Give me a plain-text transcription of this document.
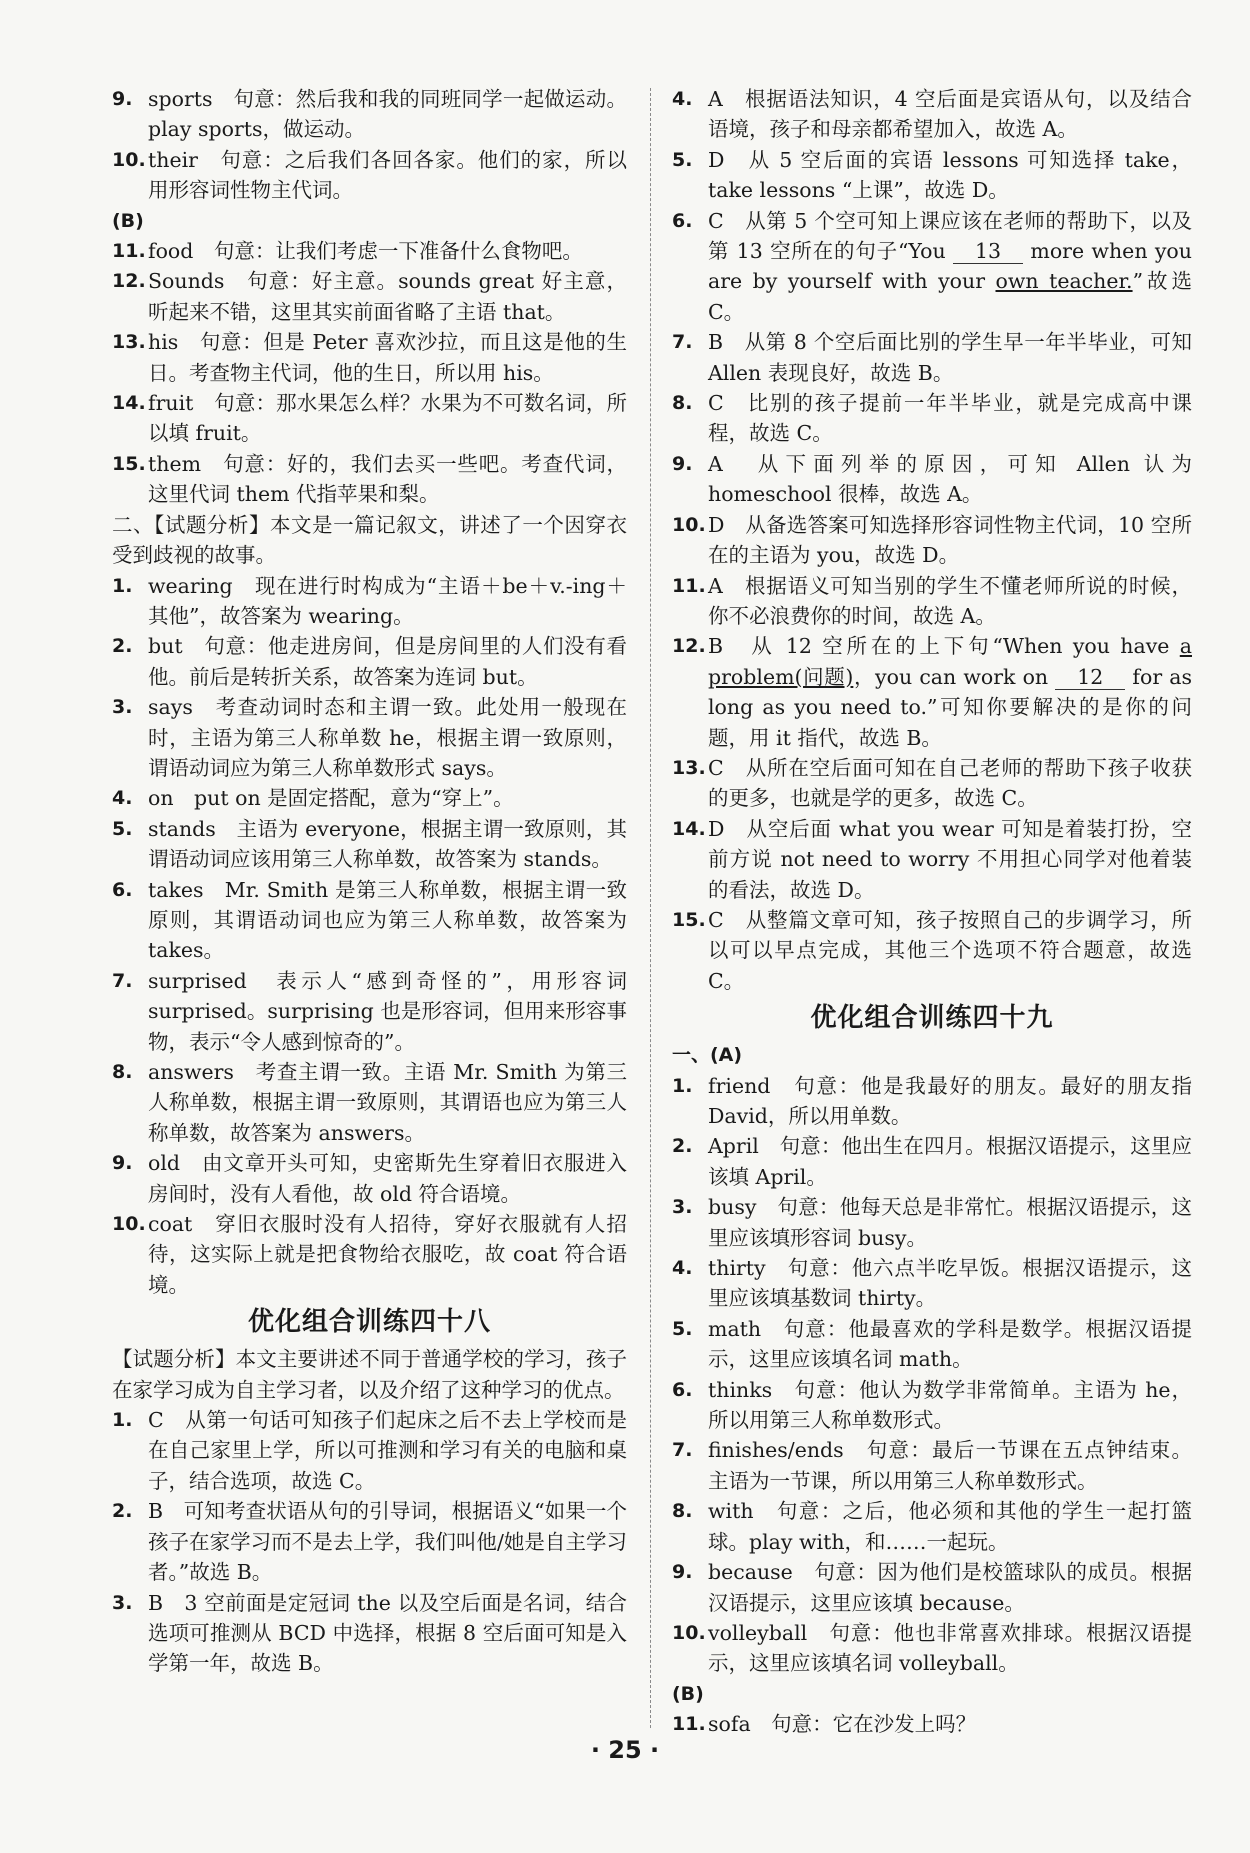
9. sports　句意：然后我和我的同班同学一起做运动。play sports，做运动。
10. their　句意：之后我们各回各家。他们的家，所以用形容词性物主代词。
(B)
11. food　句意：让我们考虑一下准备什么食物吧。
12. Sounds　句意：好主意。sounds great 好主意，听起来不错，这里其实前面省略了主语 that。
13. his　句意：但是 Peter 喜欢沙拉，而且这是他的生日。考查物主代词，他的生日，所以用 his。
14. fruit　句意：那水果怎么样？水果为不可数名词，所以填 fruit。
15. them　句意：好的，我们去买一些吧。考查代词，这里代词 them 代指苹果和梨。
二、【试题分析】本文是一篇记叙文，讲述了一个因穿衣受到歧视的故事。
1. wearing　现在进行时构成为“主语＋be＋v.-ing＋其他”，故答案为 wearing。
2. but　句意：他走进房间，但是房间里的人们没有看他。前后是转折关系，故答案为连词 but。
3. says　考查动词时态和主谓一致。此处用一般现在时，主语为第三人称单数 he，根据主谓一致原则，谓语动词应为第三人称单数形式 says。
4. on　put on 是固定搭配，意为“穿上”。
5. stands　主语为 everyone，根据主谓一致原则，其谓语动词应该用第三人称单数，故答案为 stands。
6. takes　Mr. Smith 是第三人称单数，根据主谓一致原则，其谓语动词也应为第三人称单数，故答案为 takes。
7. surprised　表示人“感到奇怪的”，用形容词 surprised。surprising 也是形容词，但用来形容事物，表示“令人感到惊奇的”。
8. answers　考查主谓一致。主语 Mr. Smith 为第三人称单数，根据主谓一致原则，其谓语也应为第三人称单数，故答案为 answers。
9. old　由文章开头可知，史密斯先生穿着旧衣服进入房间时，没有人看他，故 old 符合语境。
10. coat　穿旧衣服时没有人招待，穿好衣服就有人招待，这实际上就是把食物给衣服吃，故 coat 符合语境。
优化组合训练四十八
【试题分析】本文主要讲述不同于普通学校的学习，孩子在家学习成为自主学习者，以及介绍了这种学习的优点。
1. C　从第一句话可知孩子们起床之后不去上学校而是在自己家里上学，所以可推测和学习有关的电脑和桌子，结合选项，故选 C。
2. B　可知考查状语从句的引导词，根据语义“如果一个孩子在家学习而不是去上学，我们叫他/她是自主学习者。”故选 B。
3. B　3 空前面是定冠词 the 以及空后面是名词，结合选项可推测从 BCD 中选择，根据 8 空后面可知是入学第一年，故选 B。
4. A　根据语法知识，4 空后面是宾语从句，以及结合语境，孩子和母亲都希望加入，故选 A。
5. D　从 5 空后面的宾语 lessons 可知选择 take，take lessons “上课”，故选 D。
6. C　从第 5 个空可知上课应该在老师的帮助下，以及第 13 空所在的句子“You 13 more when you are by yourself with your own teacher.”故选 C。
7. B　从第 8 个空后面比别的学生早一年半毕业，可知 Allen 表现良好，故选 B。
8. C　比别的孩子提前一年半毕业，就是完成高中课程，故选 C。
9. A　从下面列举的原因，可知 Allen 认为 homeschool 很棒，故选 A。
10. D　从备选答案可知选择形容词性物主代词，10 空所在的主语为 you，故选 D。
11. A　根据语义可知当别的学生不懂老师所说的时候，你不必浪费你的时间，故选 A。
12. B　从 12 空所在的上下句“When you have a problem(问题)，you can work on 12 for as long as you need to.”可知你要解决的是你的问题，用 it 指代，故选 B。
13. C　从所在空后面可知在自己老师的帮助下孩子收获的更多，也就是学的更多，故选 C。
14. D　从空后面 what you wear 可知是着装打扮，空前方说 not need to worry 不用担心同学对他着装的看法，故选 D。
15. C　从整篇文章可知，孩子按照自己的步调学习，所以可以早点完成，其他三个选项不符合题意，故选 C。
优化组合训练四十九
一、(A)
1. friend　句意：他是我最好的朋友。最好的朋友指 David，所以用单数。
2. April　句意：他出生在四月。根据汉语提示，这里应该填 April。
3. busy　句意：他每天总是非常忙。根据汉语提示，这里应该填形容词 busy。
4. thirty　句意：他六点半吃早饭。根据汉语提示，这里应该填基数词 thirty。
5. math　句意：他最喜欢的学科是数学。根据汉语提示，这里应该填名词 math。
6. thinks　句意：他认为数学非常简单。主语为 he，所以用第三人称单数形式。
7. finishes/ends　句意：最后一节课在五点钟结束。主语为一节课，所以用第三人称单数形式。
8. with　句意：之后，他必须和其他的学生一起打篮球。play with，和……一起玩。
9. because　句意：因为他们是校篮球队的成员。根据汉语提示，这里应该填 because。
10. volleyball　句意：他也非常喜欢排球。根据汉语提示，这里应该填名词 volleyball。
(B)
11. sofa　句意：它在沙发上吗？
· 25 ·
